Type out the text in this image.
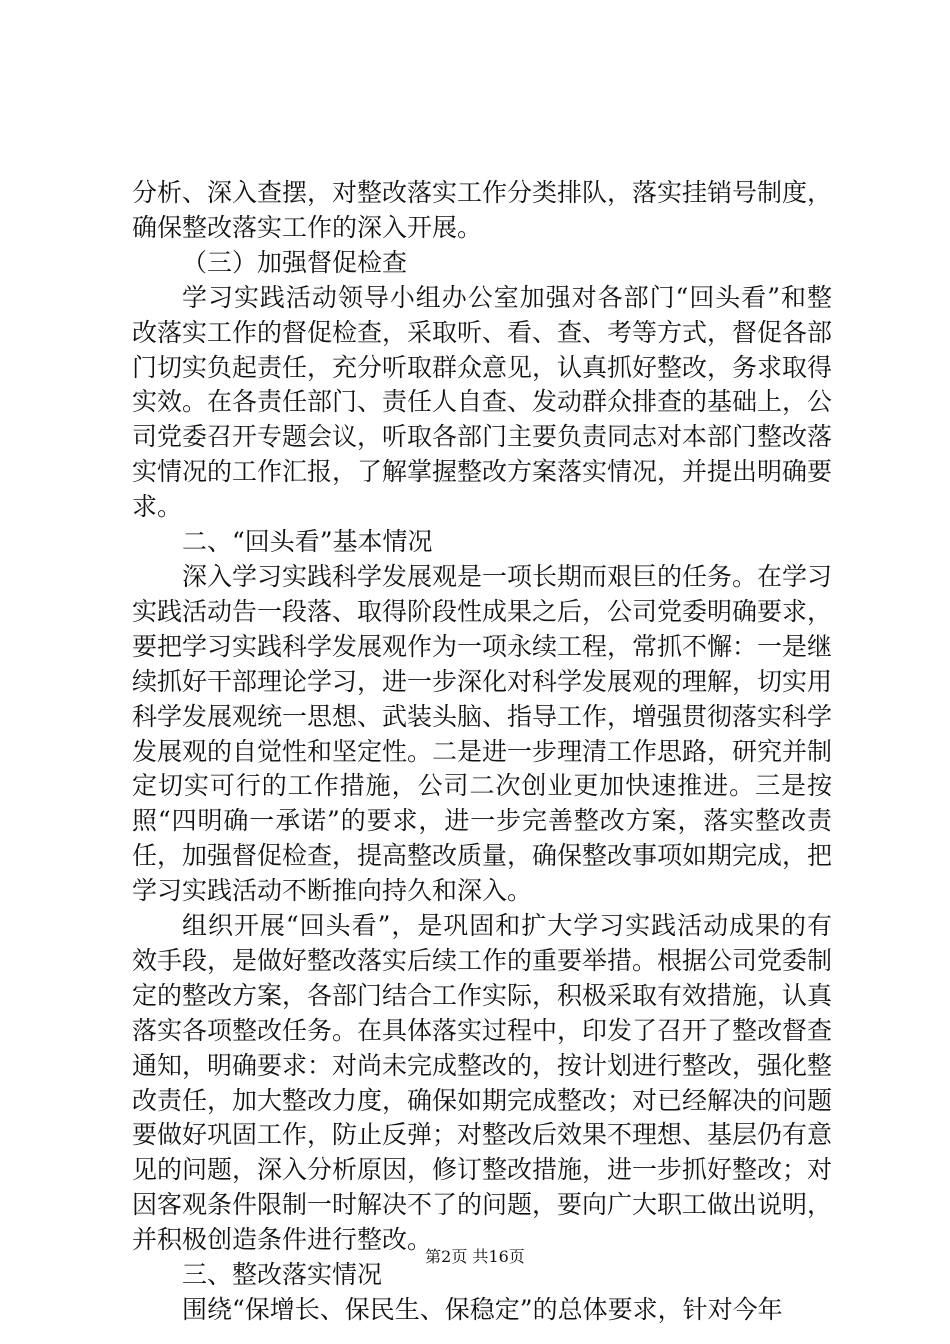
分析、深入查摆，对整改落实工作分类排队，落实挂销号制度，确保整改落实工作的深入开展。

（三）加强督促检查

学习实践活动领导小组办公室加强对各部门“回头看”和整改落实工作的督促检查，采取听、看、查、考等方式，督促各部门切实负起责任，充分听取群众意见，认真抓好整改，务求取得实效。在各责任部门、责任人自查、发动群众排查的基础上，公司党委召开专题会议，听取各部门主要负责同志对本部门整改落实情况的工作汇报，了解掌握整改方案落实情况，并提出明确要求。

二、“回头看”基本情况

深入学习实践科学发展观是一项长期而艰巨的任务。在学习实践活动告一段落、取得阶段性成果之后，公司党委明确要求，要把学习实践科学发展观作为一项永续工程，常抓不懈：一是继续抓好干部理论学习，进一步深化对科学发展观的理解，切实用科学发展观统一思想、武装头脑、指导工作，增强贯彻落实科学发展观的自觉性和坚定性。二是进一步理清工作思路，研究并制定切实可行的工作措施，公司二次创业更加快速推进。三是按照“四明确一承诺”的要求，进一步完善整改方案，落实整改责任，加强督促检查，提高整改质量，确保整改事项如期完成，把学习实践活动不断推向持久和深入。

组织开展“回头看”，是巩固和扩大学习实践活动成果的有效手段，是做好整改落实后续工作的重要举措。根据公司党委制定的整改方案，各部门结合工作实际，积极采取有效措施，认真落实各项整改任务。在具体落实过程中，印发了召开了整改督查通知，明确要求：对尚未完成整改的，按计划进行整改，强化整改责任，加大整改力度，确保如期完成整改；对已经解决的问题要做好巩固工作，防止反弹；对整改后效果不理想、基层仍有意见的问题，深入分析原因，修订整改措施，进一步抓好整改；对因客观条件限制一时解决不了的问题，要向广大职工做出说明，并积极创造条件进行整改。

三、整改落实情况

围绕“保增长、保民生、保稳定”的总体要求，针对今年

第2页 共16页
